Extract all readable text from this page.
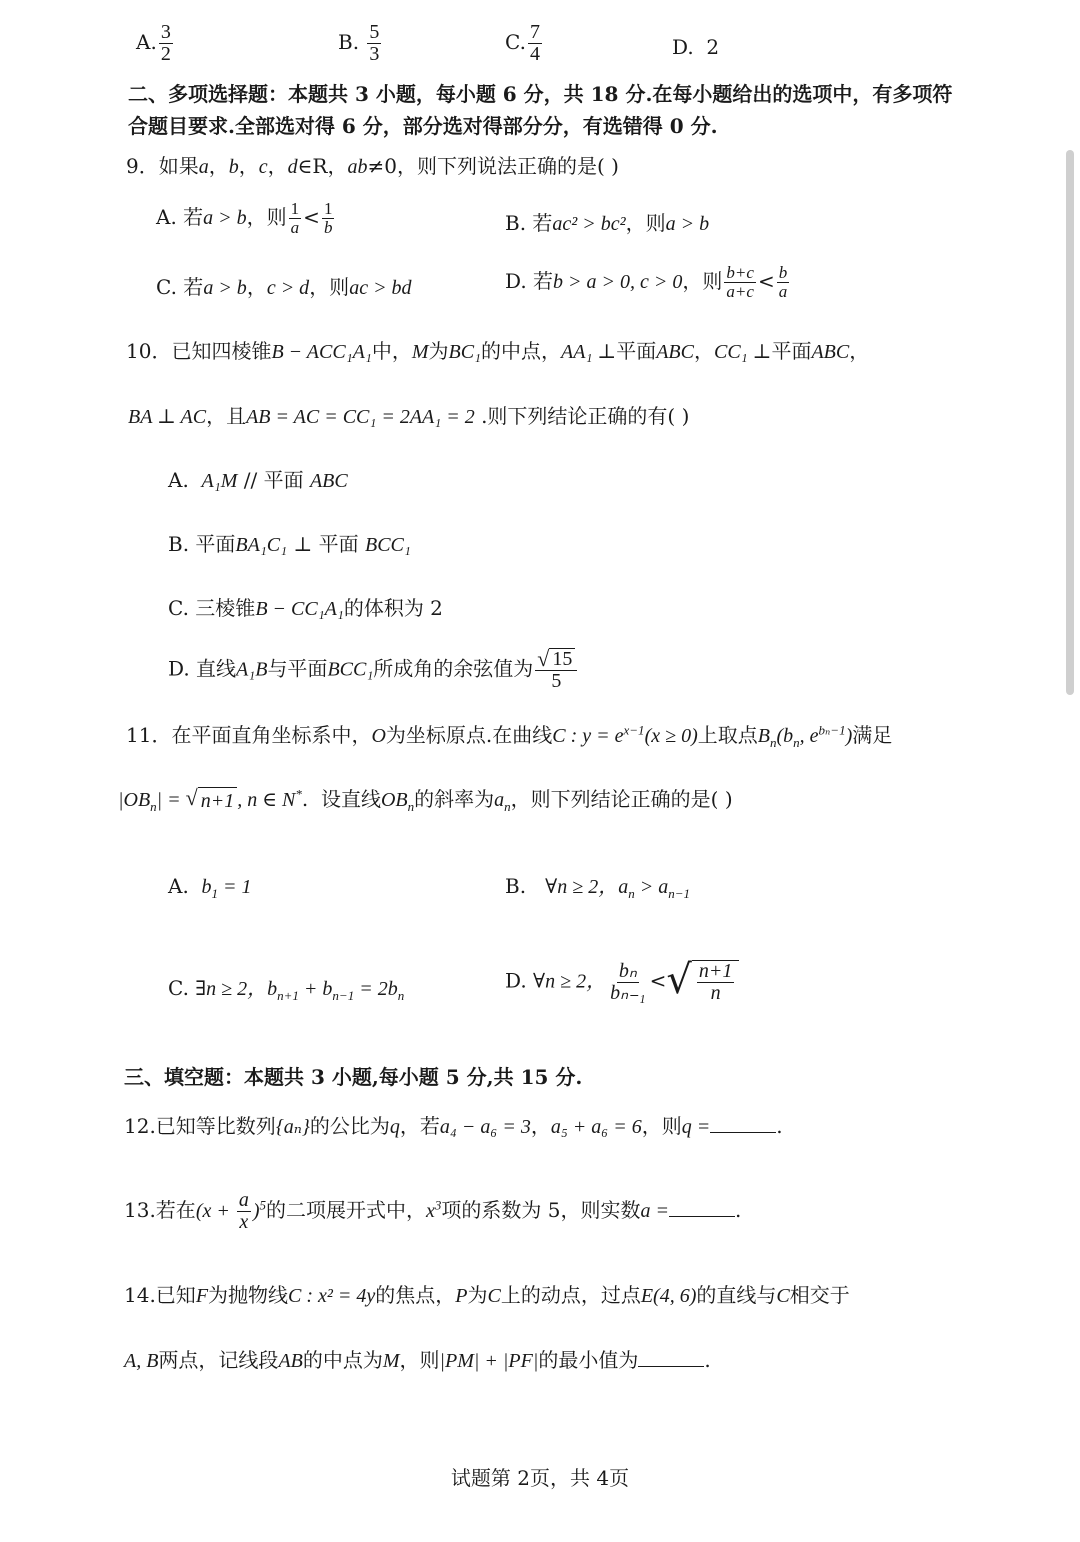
A. $\frac{3}{2}$	B. $\frac{5}{3}$	C. $\frac{7}{4}$	D. 2
二、多项选择题：本题共 3 小题，每小题 6 分，共 18 分.在每小题给出的选项中，有多项符
合题目要求.全部选对得 6 分，部分选对得部分分，有选错得 0 分.
9．如果a，b，c，d∈R，ab≠0，则下列说法正确的是( )
A. 若a > b，则 $\frac{1}{a} < \frac{1}{b}$	B. 若ac² > bc²，则a > b
C. 若a > b，c > d，则ac > bd	D. 若b > a > 0, c > 0，则 $\frac{b+c}{a+c} < \frac{b}{a}$
10．已知四棱锥B − ACC₁A₁中，M为BC₁的中点，AA₁ ⊥平面ABC，CC₁ ⊥平面ABC，
BA ⊥ AC，且AB = AC = CC₁ = 2AA₁ = 2 .则下列结论正确的有( )
A. A₁M // 平面 ABC
B. 平面BA₁C₁ ⊥ 平面 BCC₁
C. 三棱锥B − CC₁A₁的体积为 2
D. 直线A₁B与平面BCC₁所成角的余弦值为 $\frac{√ 15}{5}$
11．在平面直角坐标系中，O为坐标原点.在曲线C : $y = e^{x-1}(x \ge 0)$上取点$B_n(b_n$, $e^{b_n-1}$)满足
$|OB_n|$ = √ n+1 , n ∈ N*. 设直线$OB_n$的斜率为$a_n$，则下列结论正确的是( )
A. $b_1 = 1$	B. ∀n ≥ 2，$a_n > a_{n-1}$
C. ∃n ≥ 2，$b_{n+1} + b_{n-1} = 2b_n$
D. ∀n ≥ 2， $\frac{\text{bₙ}}{\text{bₙ₋₁}}$ < √ $\frac{n+1}{n}$
三、填空题：本题共 3 小题,每小题 5 分,共 15 分.
12.已知等比数列{aₙ}的公比为q，若a₄ − a₆ = 3，a₅ + a₆ = 6，则q =	.
13.若在$(x + \frac{a}{x} )^5$的二项展开式中，$x^3$项的系数为 5，则实数a =	.
14.已知F为抛物线C : x² = 4y的焦点，P为C上的动点，过点E(4, 6)的直线与C相交于
A, B两点，记线段AB的中点为M，则|PM| + |PF|的最小值为	.
试题第 2页，共 4页
